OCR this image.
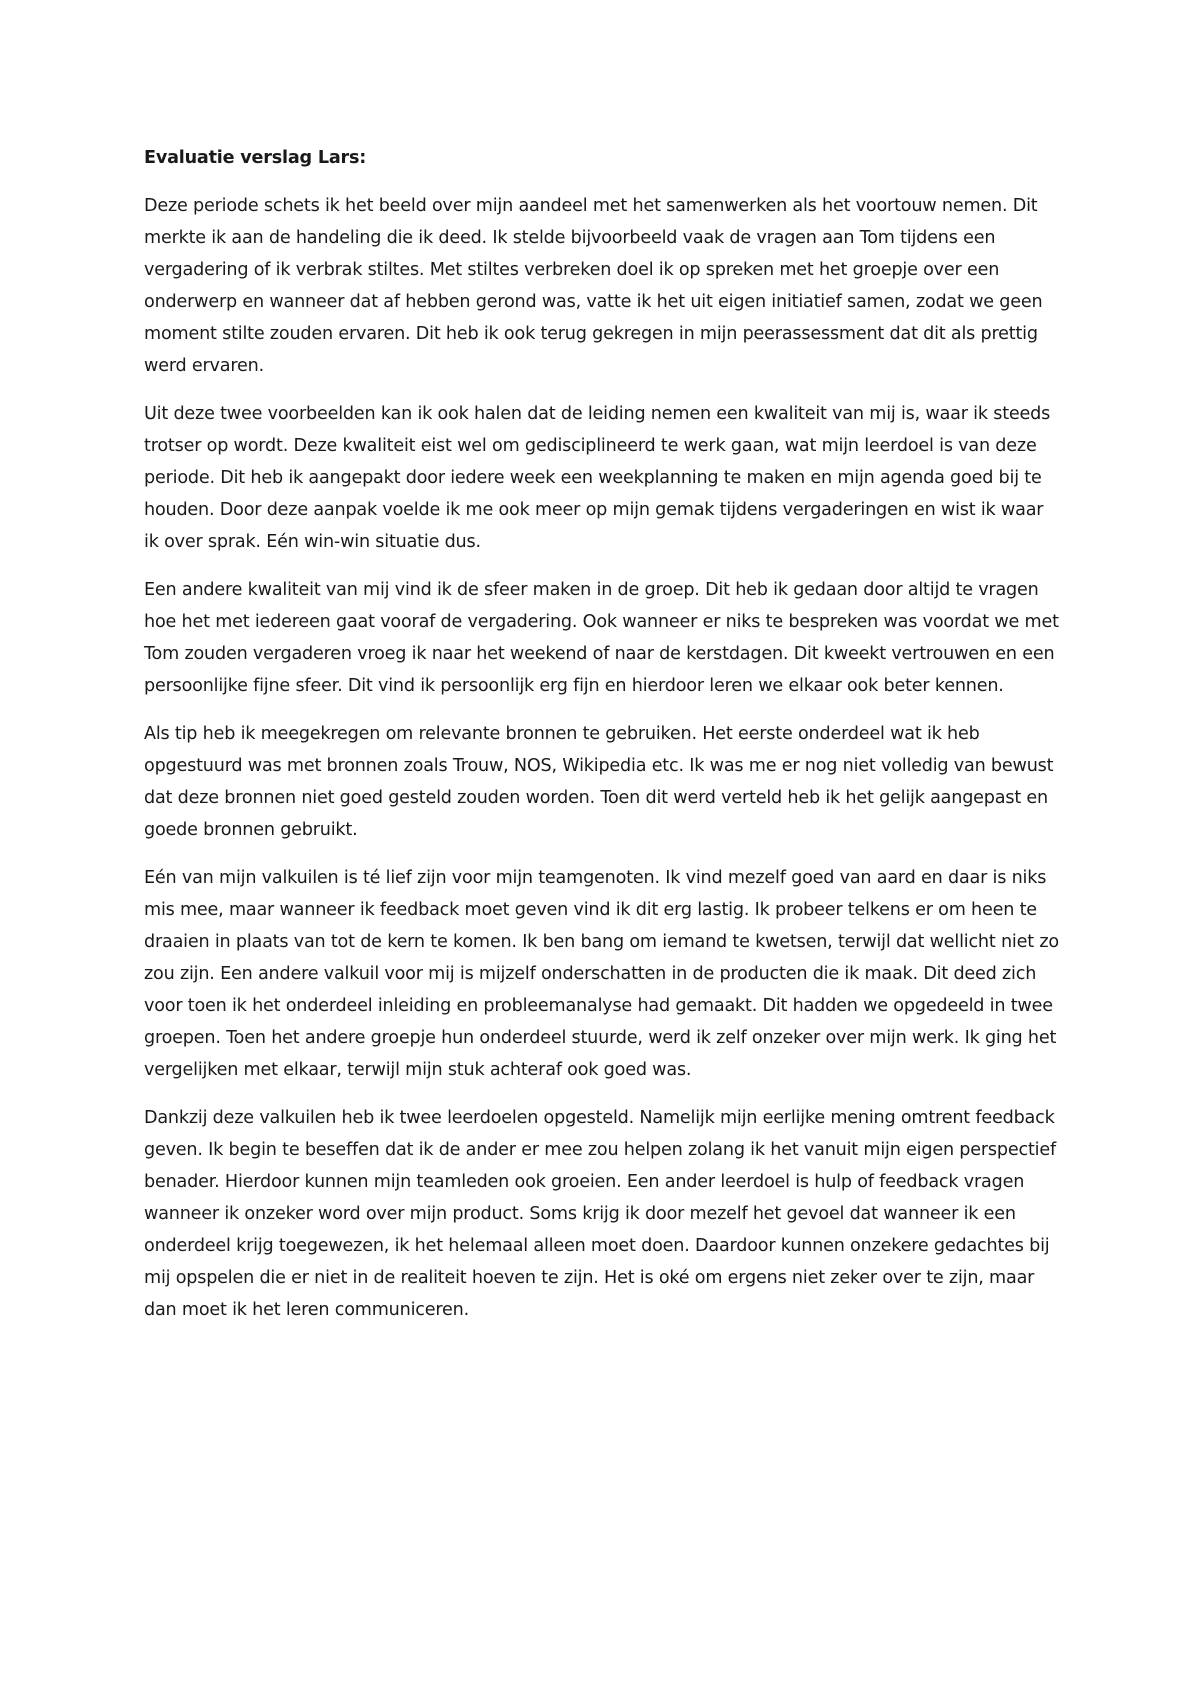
Evaluatie verslag Lars:

Deze periode schets ik het beeld over mijn aandeel met het samenwerken als het voortouw nemen. Dit merkte ik aan de handeling die ik deed. Ik stelde bijvoorbeeld vaak de vragen aan Tom tijdens een vergadering of ik verbrak stiltes. Met stiltes verbreken doel ik op spreken met het groepje over een onderwerp en wanneer dat af hebben gerond was, vatte ik het uit eigen initiatief samen, zodat we geen moment stilte zouden ervaren. Dit heb ik ook terug gekregen in mijn peerassessment dat dit als prettig werd ervaren.

Uit deze twee voorbeelden kan ik ook halen dat de leiding nemen een kwaliteit van mij is, waar ik steeds trotser op wordt. Deze kwaliteit eist wel om gedisciplineerd te werk gaan, wat mijn leerdoel is van deze periode. Dit heb ik aangepakt door iedere week een weekplanning te maken en mijn agenda goed bij te houden. Door deze aanpak voelde ik me ook meer op mijn gemak tijdens vergaderingen en wist ik waar ik over sprak. Eén win-win situatie dus.

Een andere kwaliteit van mij vind ik de sfeer maken in de groep. Dit heb ik gedaan door altijd te vragen hoe het met iedereen gaat vooraf de vergadering. Ook wanneer er niks te bespreken was voordat we met Tom zouden vergaderen vroeg ik naar het weekend of naar de kerstdagen. Dit kweekt vertrouwen en een persoonlijke fijne sfeer. Dit vind ik persoonlijk erg fijn en hierdoor leren we elkaar ook beter kennen.

Als tip heb ik meegekregen om relevante bronnen te gebruiken. Het eerste onderdeel wat ik heb opgestuurd was met bronnen zoals Trouw, NOS, Wikipedia etc. Ik was me er nog niet volledig van bewust dat deze bronnen niet goed gesteld zouden worden. Toen dit werd verteld heb ik het gelijk aangepast en goede bronnen gebruikt.

Eén van mijn valkuilen is té lief zijn voor mijn teamgenoten. Ik vind mezelf goed van aard en daar is niks mis mee, maar wanneer ik feedback moet geven vind ik dit erg lastig. Ik probeer telkens er om heen te draaien in plaats van tot de kern te komen. Ik ben bang om iemand te kwetsen, terwijl dat wellicht niet zo zou zijn. Een andere valkuil voor mij is mijzelf onderschatten in de producten die ik maak. Dit deed zich voor toen ik het onderdeel inleiding en probleemanalyse had gemaakt. Dit hadden we opgedeeld in twee groepen. Toen het andere groepje hun onderdeel stuurde, werd ik zelf onzeker over mijn werk. Ik ging het vergelijken met elkaar, terwijl mijn stuk achteraf ook goed was.

Dankzij deze valkuilen heb ik twee leerdoelen opgesteld. Namelijk mijn eerlijke mening omtrent feedback geven. Ik begin te beseffen dat ik de ander er mee zou helpen zolang ik het vanuit mijn eigen perspectief benader. Hierdoor kunnen mijn teamleden ook groeien. Een ander leerdoel is hulp of feedback vragen wanneer ik onzeker word over mijn product. Soms krijg ik door mezelf het gevoel dat wanneer ik een onderdeel krijg toegewezen, ik het helemaal alleen moet doen. Daardoor kunnen onzekere gedachtes bij mij opspelen die er niet in de realiteit hoeven te zijn. Het is oké om ergens niet zeker over te zijn, maar dan moet ik het leren communiceren.
